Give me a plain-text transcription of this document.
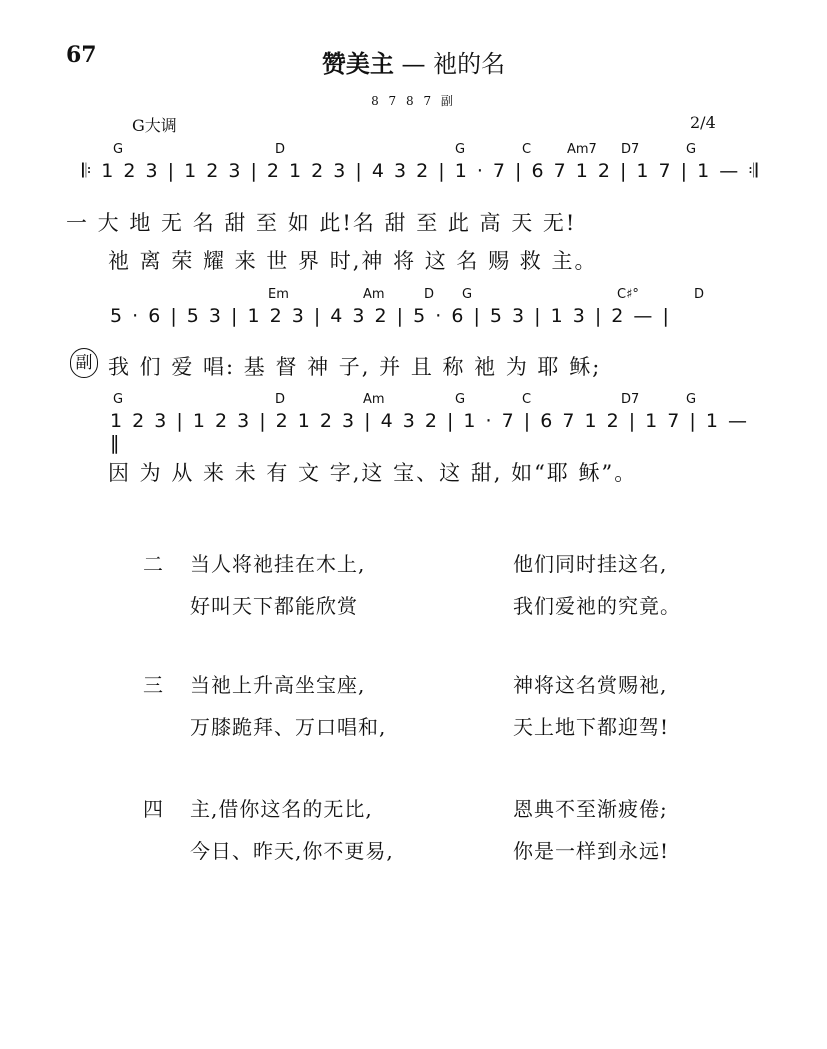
67	赞美主 — 祂的名
8 7 8 7 副
G大调	2/4
G	D	G	C	Am7 D7	G
𝄆 1 2 3 | 1 2 3 | 2 1 2 3 | 4 3 2 | 1 · 7 | 6 7 1 2 | 1 7 | 1 — 𝄇
一 大 地 无 名 甜 至 如 此!名 甜 至 此 高 天 无!
祂 离 荣 耀 来 世 界 时,神 将 这 名 赐 救 主。
Em	Am	D G	C♯°	D
5 · 6 | 5 3 | 1 2 3 | 4 3 2 | 5 · 6 | 5 3 | 1 3 | 2 — |
副 我 们 爱 唱: 基 督 神 子, 并 且 称 祂 为 耶 稣;
G	D	Am	G	C	D7	G
1 2 3 | 1 2 3 | 2 1 2 3 | 4 3 2 | 1 · 7 | 6 7 1 2 | 1 7 | 1 — ‖
因 为 从 来 未 有 文 字,这 宝、这 甜, 如“耶 稣”。
二 当人将祂挂在木上,	他们同时挂这名,
好叫天下都能欣赏	我们爱祂的究竟。
三 当祂上升高坐宝座,	神将这名赏赐祂,
万膝跪拜、万口唱和,	天上地下都迎驾!
四 主,借你这名的无比,	恩典不至渐疲倦;
今日、昨天,你不更易,	你是一样到永远!
